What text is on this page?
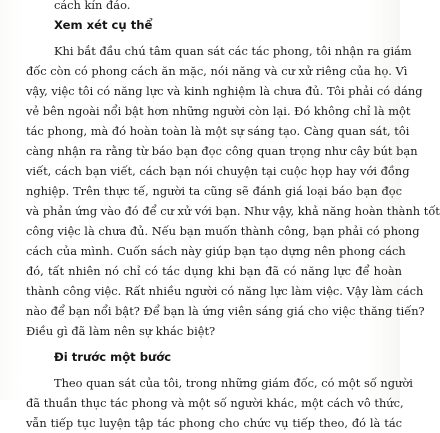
cách kín đáo.
Xem xét cụ thể
Khi bắt đầu chú tâm quan sát các tác phong, tôi nhận ra giám
đốc còn có phong cách ăn mặc, nói năng và cư xử riêng của họ. Vì
vậy, việc tôi có năng lực và kinh nghiệm là chưa đủ. Tôi phải có dáng
vẻ bên ngoài nổi bật hơn những người còn lại. Đó không chỉ là một
tác phong, mà đó hoàn toàn là một sự sáng tạo. Càng quan sát, tôi
càng nhận ra rằng từ báo bạn đọc công quan trọng như cây bút bạn
viết, cách bạn viết, cách bạn nói chuyện tại cuộc họp hay với đồng
nghiệp. Trên thực tế, người ta cũng sẽ đánh giá loại báo bạn đọc
và phản ứng vào đó để cư xử với bạn. Như vậy, khả năng hoàn thành tốt
công việc là chưa đủ. Nếu bạn muốn thành công, bạn phải có phong
cách của mình. Cuốn sách này giúp bạn tạo dựng nên phong cách
đó, tất nhiên nó chỉ có tác dụng khi bạn đã có năng lực để hoàn
thành công việc. Rất nhiều người có năng lực làm việc. Vậy làm cách
nào để bạn nổi bật? Để bạn là ứng viên sáng giá cho việc thăng tiến?
Điều gì đã làm nên sự khác biệt?
Đi trước một bước
Theo quan sát của tôi, trong những giám đốc, có một số người
đã thuần thục tác phong và một số người khác, một cách vô thức,
vẫn tiếp tục luyện tập tác phong cho chức vụ tiếp theo, đó là tác
